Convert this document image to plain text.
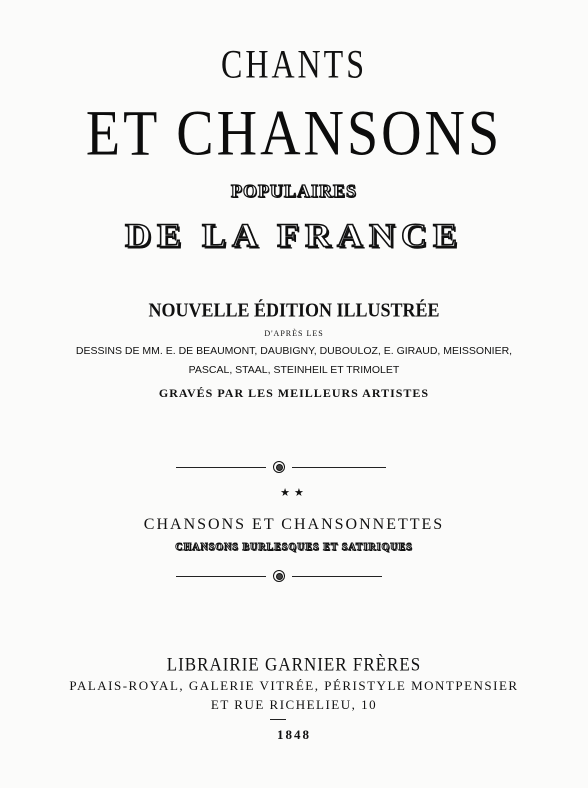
CHANTS
ET CHANSONS
POPULAIRES
DE LA FRANCE
NOUVELLE ÉDITION ILLUSTRÉE
D'APRÈS LES
DESSINS DE MM. E. DE BEAUMONT, DAUBIGNY, DUBOULOZ, E. GIRAUD, MEISSONIER,
PASCAL, STAAL, STEINHEIL ET TRIMOLET
GRAVÉS PAR LES MEILLEURS ARTISTES
★★
CHANSONS ET CHANSONNETTES
CHANSONS BURLESQUES ET SATIRIQUES
LIBRAIRIE GARNIER FRÈRES
PALAIS-ROYAL, GALERIE VITRÉE, PÉRISTYLE MONTPENSIER
ET RUE RICHELIEU, 10
1848
